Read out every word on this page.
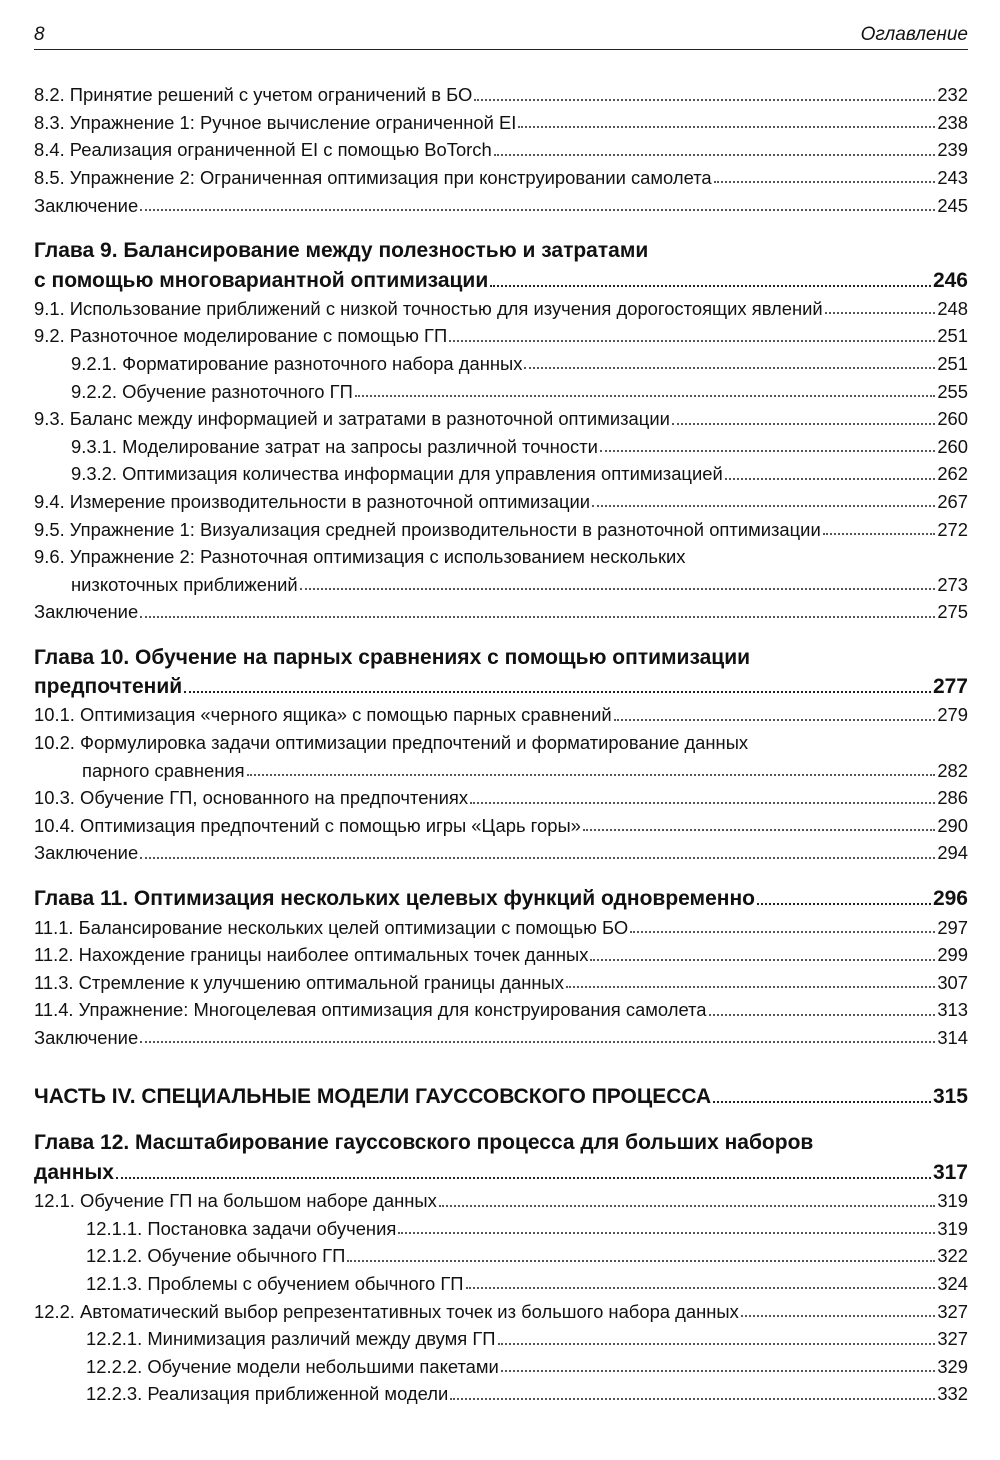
8	Оглавление
8.2. Принятие решений с учетом ограничений в БО	232
8.3. Упражнение 1: Ручное вычисление ограниченной EI	238
8.4. Реализация ограниченной EI с помощью BoTorch	239
8.5. Упражнение 2: Ограниченная оптимизация при конструировании самолета	243
Заключение	245
Глава 9. Балансирование между полезностью и затратами
с помощью многовариантной оптимизации	246
9.1. Использование приближений с низкой точностью для изучения дорогостоящих явлений	248
9.2. Разноточное моделирование с помощью ГП	251
9.2.1. Форматирование разноточного набора данных	251
9.2.2. Обучение разноточного ГП	255
9.3. Баланс между информацией и затратами в разноточной оптимизации	260
9.3.1. Моделирование затрат на запросы различной точности	260
9.3.2. Оптимизация количества информации для управления оптимизацией	262
9.4. Измерение производительности в разноточной оптимизации	267
9.5. Упражнение 1: Визуализация средней производительности в разноточной оптимизации	272
9.6. Упражнение 2: Разноточная оптимизация с использованием нескольких
низкоточных приближений	273
Заключение	275
Глава 10. Обучение на парных сравнениях с помощью оптимизации
предпочтений	277
10.1. Оптимизация «черного ящика» с помощью парных сравнений	279
10.2. Формулировка задачи оптимизации предпочтений и форматирование данных
парного сравнения	282
10.3. Обучение ГП, основанного на предпочтениях	286
10.4. Оптимизация предпочтений с помощью игры «Царь горы»	290
Заключение	294
Глава 11. Оптимизация нескольких целевых функций одновременно	296
11.1. Балансирование нескольких целей оптимизации с помощью БО	297
11.2. Нахождение границы наиболее оптимальных точек данных	299
11.3. Стремление к улучшению оптимальной границы данных	307
11.4. Упражнение: Многоцелевая оптимизация для конструирования самолета	313
Заключение	314
ЧАСТЬ IV. СПЕЦИАЛЬНЫЕ МОДЕЛИ ГАУССОВСКОГО ПРОЦЕССА	315
Глава 12. Масштабирование гауссовского процесса для больших наборов
данных	317
12.1. Обучение ГП на большом наборе данных	319
12.1.1. Постановка задачи обучения	319
12.1.2. Обучение обычного ГП	322
12.1.3. Проблемы с обучением обычного ГП	324
12.2. Автоматический выбор репрезентативных точек из большого набора данных	327
12.2.1. Минимизация различий между двумя ГП	327
12.2.2. Обучение модели небольшими пакетами	329
12.2.3. Реализация приближенной модели	332
